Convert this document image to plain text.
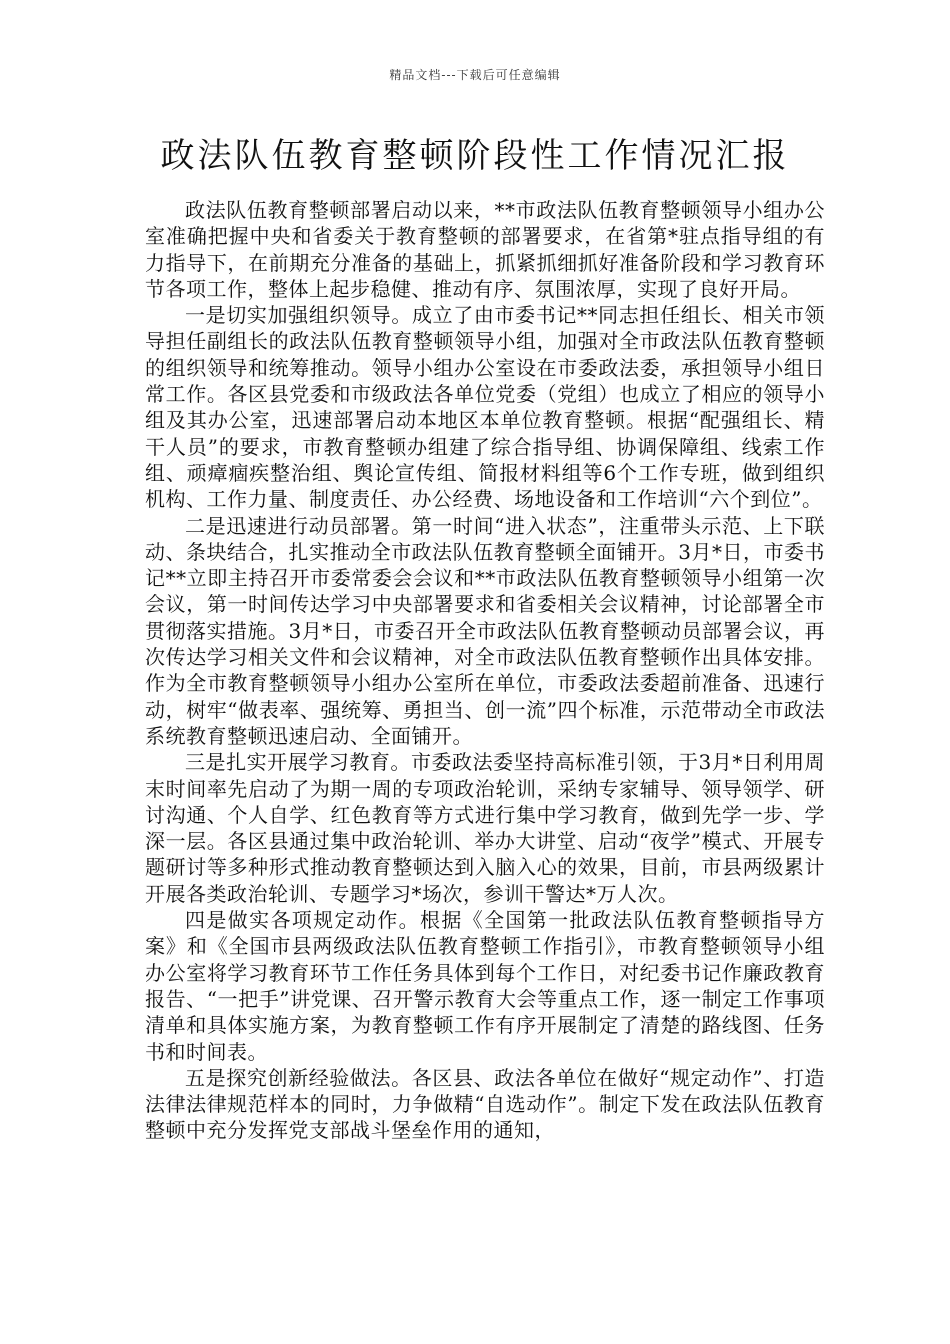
精品文档---下载后可任意编辑
政法队伍教育整顿阶段性工作情况汇报

政法队伍教育整顿部署启动以来，**市政法队伍教育整顿领导小组办公室准确把握中央和省委关于教育整顿的部署要求，在省第*驻点指导组的有力指导下，在前期充分准备的基础上，抓紧抓细抓好准备阶段和学习教育环节各项工作，整体上起步稳健、推动有序、氛围浓厚，实现了良好开局。

一是切实加强组织领导。成立了由市委书记**同志担任组长、相关市领导担任副组长的政法队伍教育整顿领导小组，加强对全市政法队伍教育整顿的组织领导和统筹推动。领导小组办公室设在市委政法委，承担领导小组日常工作。各区县党委和市级政法各单位党委（党组）也成立了相应的领导小组及其办公室，迅速部署启动本地区本单位教育整顿。根据“配强组长、精干人员”的要求，市教育整顿办组建了综合指导组、协调保障组、线索工作组、顽瘴痼疾整治组、舆论宣传组、简报材料组等6个工作专班，做到组织机构、工作力量、制度责任、办公经费、场地设备和工作培训“六个到位”。

二是迅速进行动员部署。第一时间“进入状态”，注重带头示范、上下联动、条块结合，扎实推动全市政法队伍教育整顿全面铺开。3月*日，市委书记**立即主持召开市委常委会会议和**市政法队伍教育整顿领导小组第一次会议，第一时间传达学习中央部署要求和省委相关会议精神，讨论部署全市贯彻落实措施。3月*日，市委召开全市政法队伍教育整顿动员部署会议，再次传达学习相关文件和会议精神，对全市政法队伍教育整顿作出具体安排。作为全市教育整顿领导小组办公室所在单位，市委政法委超前准备、迅速行动，树牢“做表率、强统筹、勇担当、创一流”四个标准，示范带动全市政法系统教育整顿迅速启动、全面铺开。

三是扎实开展学习教育。市委政法委坚持高标准引领，于3月*日利用周末时间率先启动了为期一周的专项政治轮训，采纳专家辅导、领导领学、研讨沟通、个人自学、红色教育等方式进行集中学习教育，做到先学一步、学深一层。各区县通过集中政治轮训、举办大讲堂、启动“夜学”模式、开展专题研讨等多种形式推动教育整顿达到入脑入心的效果，目前，市县两级累计开展各类政治轮训、专题学习*场次，参训干警达*万人次。

四是做实各项规定动作。根据《全国第一批政法队伍教育整顿指导方案》和《全国市县两级政法队伍教育整顿工作指引》，市教育整顿领导小组办公室将学习教育环节工作任务具体到每个工作日，对纪委书记作廉政教育报告、“一把手”讲党课、召开警示教育大会等重点工作，逐一制定工作事项清单和具体实施方案，为教育整顿工作有序开展制定了清楚的路线图、任务书和时间表。

五是探究创新经验做法。各区县、政法各单位在做好“规定动作”、打造法律法律规范样本的同时，力争做精“自选动作”。制定下发在政法队伍教育整顿中充分发挥党支部战斗堡垒作用的通知，
